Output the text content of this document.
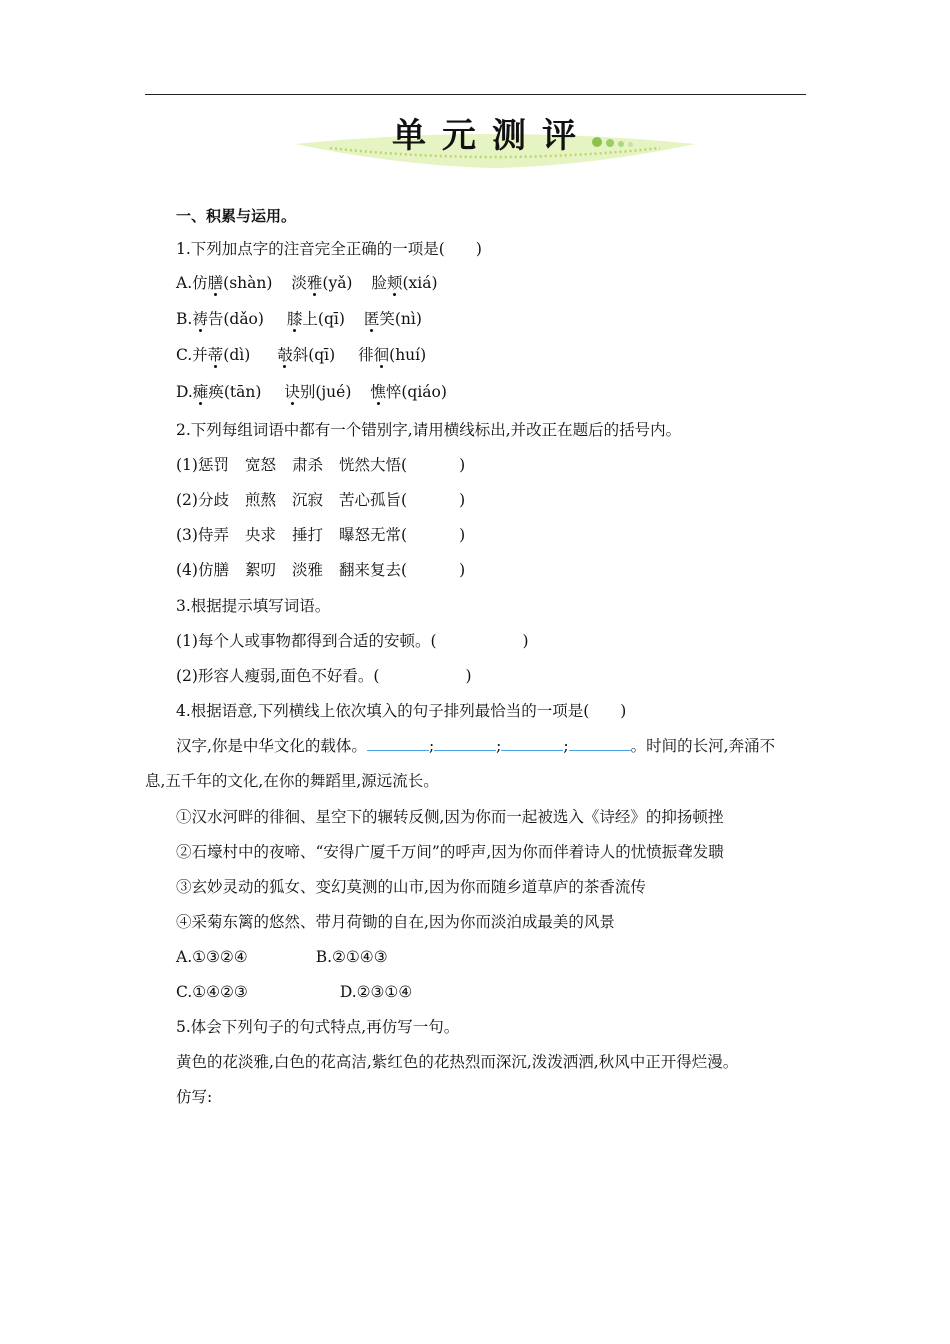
单元测评
一、积累与运用。
1.下列加点字的注音完全正确的一项是(　　)
A.仿膳(shàn) 淡雅(yǎ) 脸颊(xiá)
B.祷告(dǎo) 膝上(qī) 匿笑(nì)
C.并蒂(dì) 攲斜(qī) 徘徊(huí)
D.瘫痪(tān) 诀别(jué) 憔悴(qiáo)
2.下列每组词语中都有一个错别字,请用横线标出,并改正在题后的括号内。
(1)惩罚 宽怒 肃杀 恍然大悟(	)
(2)分歧 煎熬 沉寂 苦心孤旨(	)
(3)侍弄 央求 捶打 曝怒无常(	)
(4)仿膳 絮叨 淡雅 翻来复去(	)
3.根据提示填写词语。
(1)每个人或事物都得到合适的安顿。(	)
(2)形容人瘦弱,面色不好看。(	)
4.根据语意,下列横线上依次填入的句子排列最恰当的一项是(　　)
汉字,你是中华文化的载体。	;	;	;	。时间的长河,奔涌不
息,五千年的文化,在你的舞蹈里,源远流长。
①汉水河畔的徘徊、星空下的辗转反侧,因为你而一起被选入《诗经》的抑扬顿挫
②石壕村中的夜啼、“安得广厦千万间”的呼声,因为你而伴着诗人的忧愤振聋发聩
③玄妙灵动的狐女、变幻莫测的山市,因为你而随乡道草庐的茶香流传
④采菊东篱的悠然、带月荷锄的自在,因为你而淡泊成最美的风景
A.①③②④	B.②①④③
C.①④②③	D.②③①④
5.体会下列句子的句式特点,再仿写一句。
黄色的花淡雅,白色的花高洁,紫红色的花热烈而深沉,泼泼洒洒,秋风中正开得烂漫。
仿写:
